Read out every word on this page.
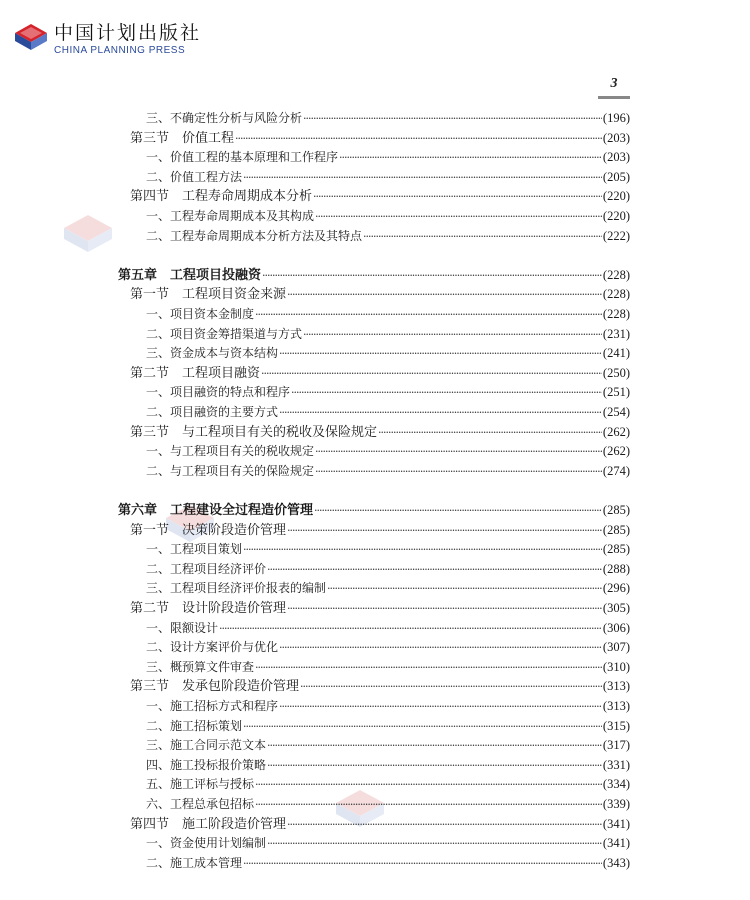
中国计划出版社
CHINA PLANNING PRESS
3
三、不确定性分析与风险分析 ·····	(196)
第三节　价值工程 ·····	(203)
一、价值工程的基本原理和工作程序 ·····	(203)
二、价值工程方法 ·····	(205)
第四节　工程寿命周期成本分析 ·····	(220)
一、工程寿命周期成本及其构成 ·····	(220)
二、工程寿命周期成本分析方法及其特点 ·····	(222)
第五章　工程项目投融资 ·····	(228)
第一节　工程项目资金来源 ·····	(228)
一、项目资本金制度 ·····	(228)
二、项目资金筹措渠道与方式 ·····	(231)
三、资金成本与资本结构 ·····	(241)
第二节　工程项目融资 ·····	(250)
一、项目融资的特点和程序 ·····	(251)
二、项目融资的主要方式 ·····	(254)
第三节　与工程项目有关的税收及保险规定 ·····	(262)
一、与工程项目有关的税收规定 ·····	(262)
二、与工程项目有关的保险规定 ·····	(274)
第六章　工程建设全过程造价管理 ·····	(285)
第一节　决策阶段造价管理 ·····	(285)
一、工程项目策划 ·····	(285)
二、工程项目经济评价 ·····	(288)
三、工程项目经济评价报表的编制 ·····	(296)
第二节　设计阶段造价管理 ·····	(305)
一、限额设计 ·····	(306)
二、设计方案评价与优化 ·····	(307)
三、概预算文件审查 ·····	(310)
第三节　发承包阶段造价管理 ·····	(313)
一、施工招标方式和程序 ·····	(313)
二、施工招标策划 ·····	(315)
三、施工合同示范文本 ·····	(317)
四、施工投标报价策略 ·····	(331)
五、施工评标与授标 ·····	(334)
六、工程总承包招标 ·····	(339)
第四节　施工阶段造价管理 ·····	(341)
一、资金使用计划编制 ·····	(341)
二、施工成本管理 ·····	(343)
